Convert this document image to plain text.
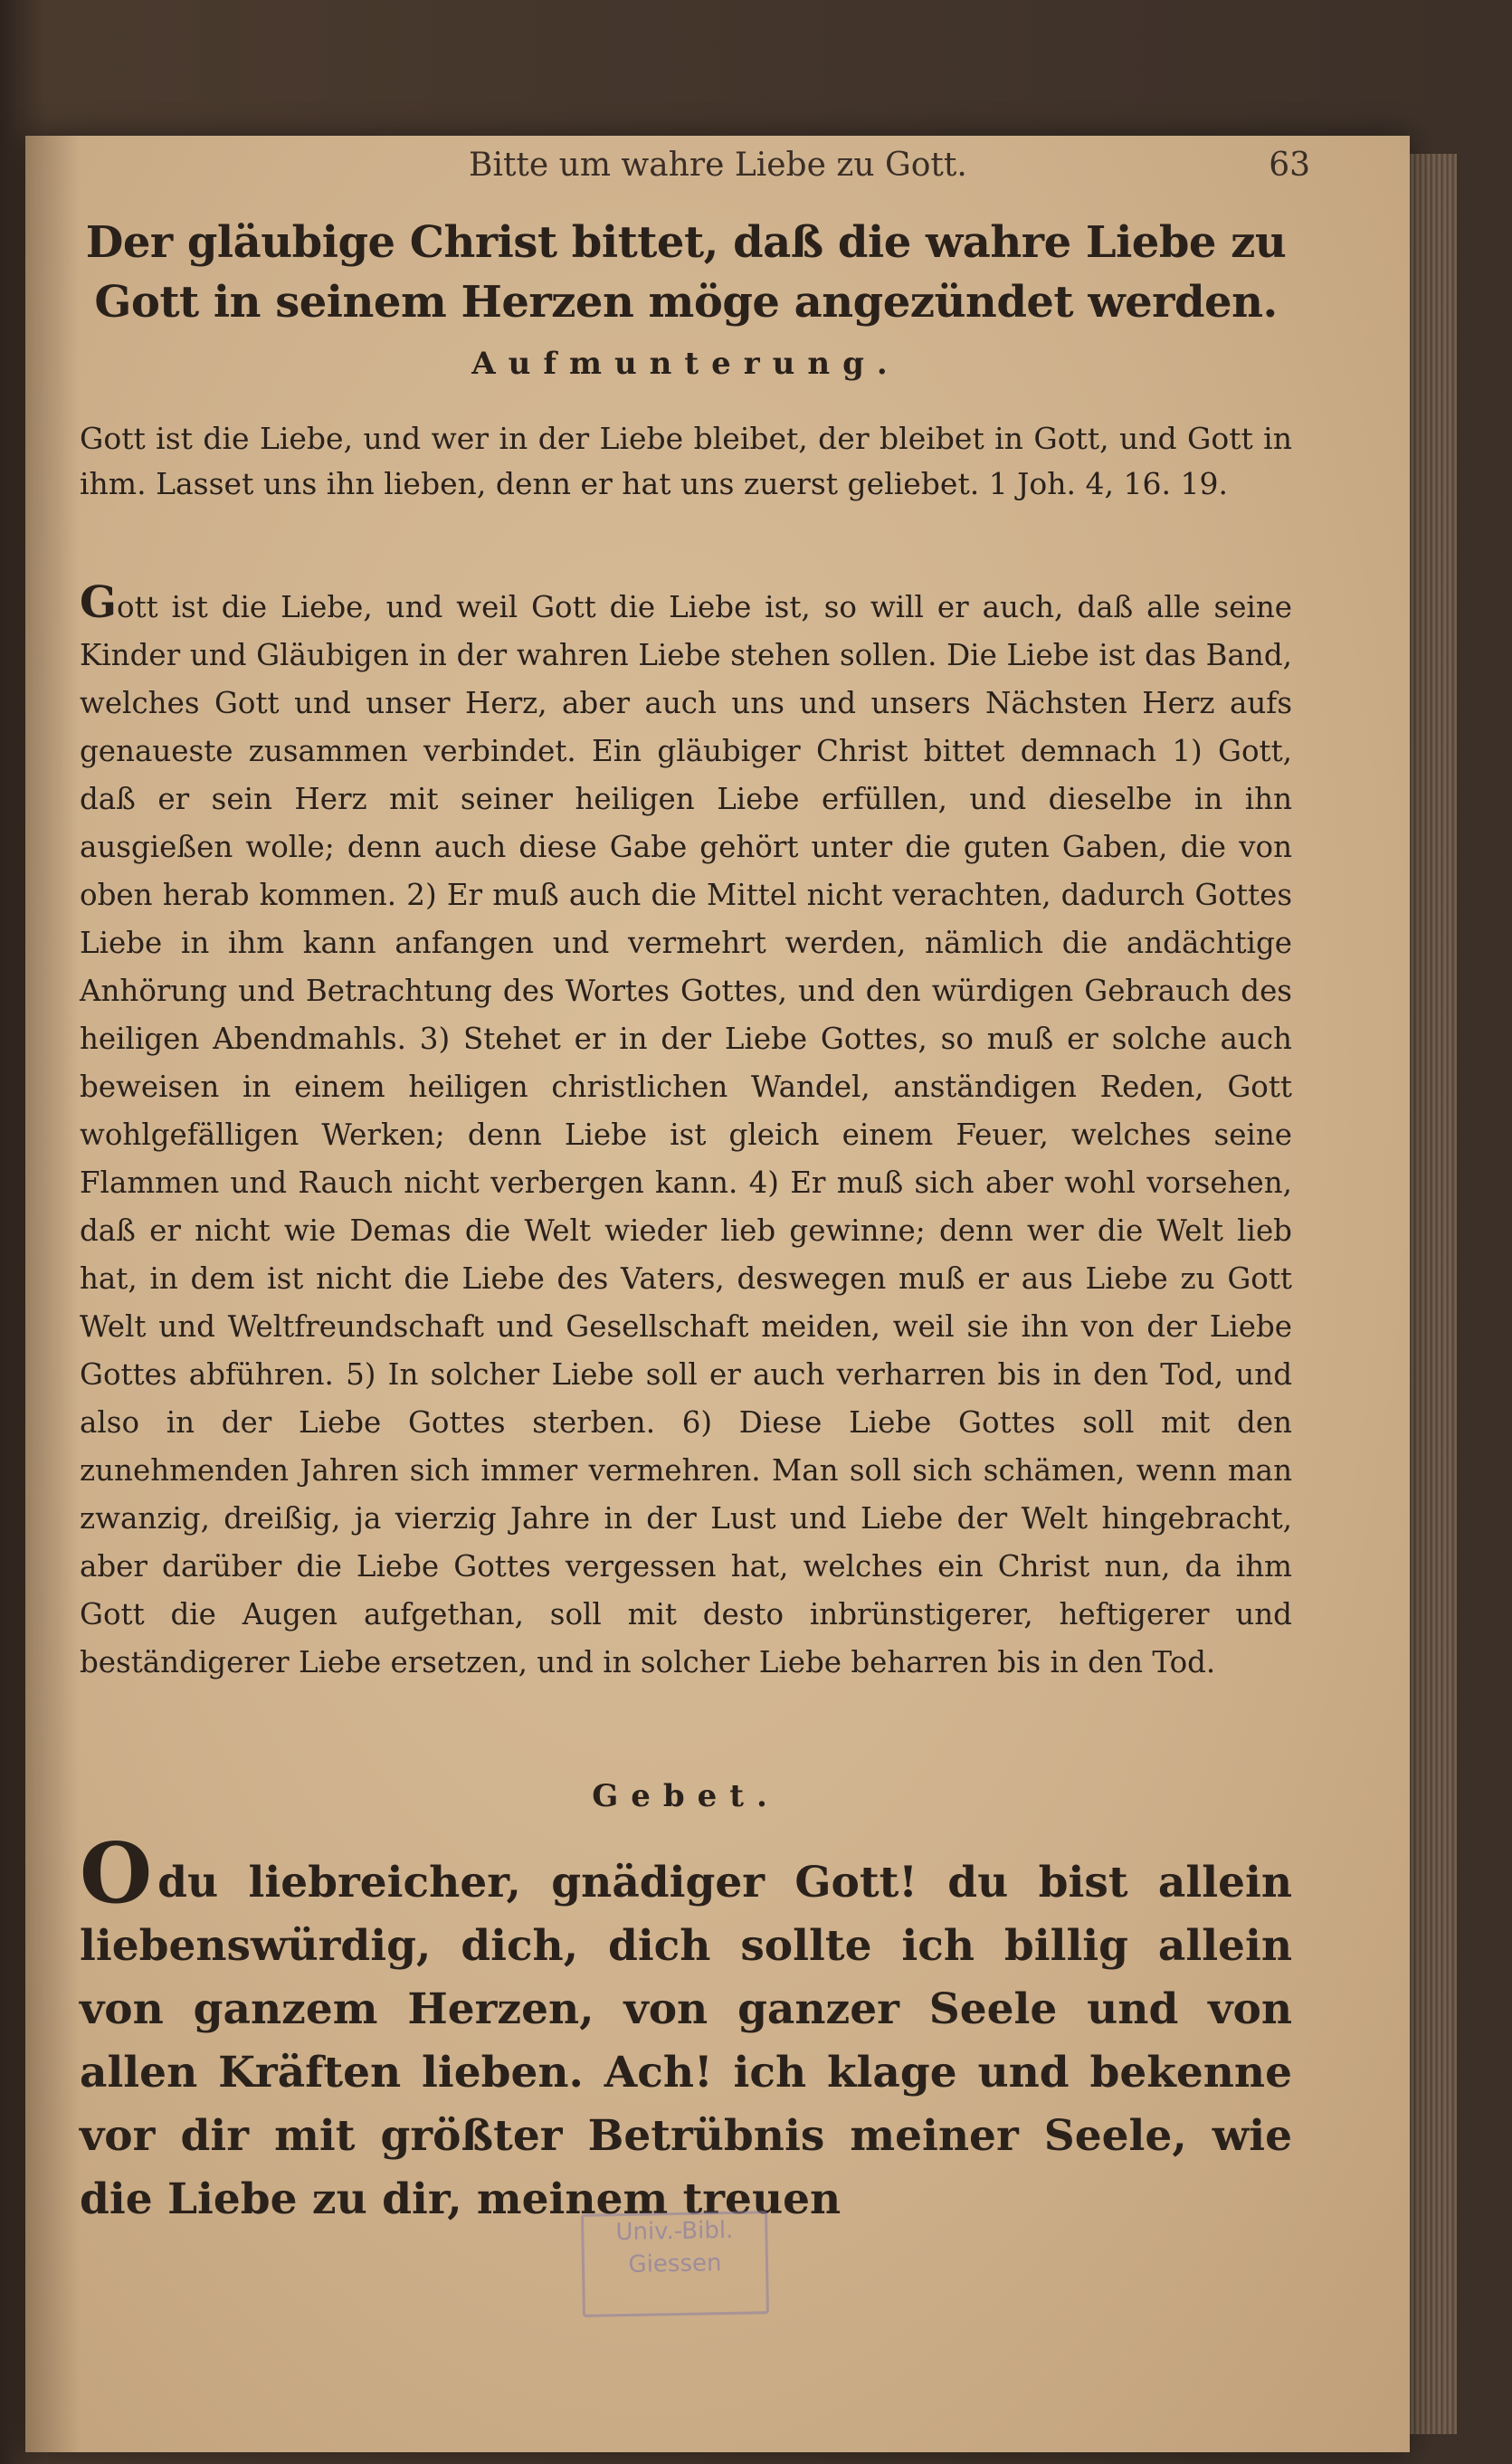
Bitte um wahre Liebe zu Gott.	63
Der gläubige Christ bittet, daß die wahre Liebe zu Gott in seinem Herzen möge angezündet werden.
Aufmunterung.
Gott ist die Liebe, und wer in der Liebe bleibet, der bleibet in Gott, und Gott in ihm. Lasset uns ihn lieben, denn er hat uns zuerst geliebet. 1 Joh. 4, 16. 19.
Gott ist die Liebe, und weil Gott die Liebe ist, so will er auch, daß alle seine Kinder und Gläubigen in der wahren Liebe stehen sollen. Die Liebe ist das Band, welches Gott und unser Herz, aber auch uns und unsers Nächsten Herz aufs genaueste zusammen verbindet. Ein gläubiger Christ bittet demnach 1) Gott, daß er sein Herz mit seiner heiligen Liebe erfüllen, und dieselbe in ihn ausgießen wolle; denn auch diese Gabe gehört unter die guten Gaben, die von oben herab kommen. 2) Er muß auch die Mittel nicht verachten, dadurch Gottes Liebe in ihm kann anfangen und vermehrt werden, nämlich die andächtige Anhörung und Betrachtung des Wortes Gottes, und den würdigen Gebrauch des heiligen Abendmahls. 3) Stehet er in der Liebe Gottes, so muß er solche auch beweisen in einem heiligen christlichen Wandel, anständigen Reden, Gott wohlgefälligen Werken; denn Liebe ist gleich einem Feuer, welches seine Flammen und Rauch nicht verbergen kann. 4) Er muß sich aber wohl vorsehen, daß er nicht wie Demas die Welt wieder lieb gewinne; denn wer die Welt lieb hat, in dem ist nicht die Liebe des Vaters, deswegen muß er aus Liebe zu Gott Welt und Weltfreundschaft und Gesellschaft meiden, weil sie ihn von der Liebe Gottes abführen. 5) In solcher Liebe soll er auch verharren bis in den Tod, und also in der Liebe Gottes sterben. 6) Diese Liebe Gottes soll mit den zunehmenden Jahren sich immer vermehren. Man soll sich schämen, wenn man zwanzig, dreißig, ja vierzig Jahre in der Lust und Liebe der Welt hingebracht, aber darüber die Liebe Gottes vergessen hat, welches ein Christ nun, da ihm Gott die Augen aufgethan, soll mit desto inbrünstigerer, heftigerer und beständigerer Liebe ersetzen, und in solcher Liebe beharren bis in den Tod.
Gebet.
Odu liebreicher, gnädiger Gott! du bist allein liebenswürdig, dich, dich sollte ich billig allein von ganzem Herzen, von ganzer Seele und von allen Kräften lieben. Ach! ich klage und bekenne vor dir mit größter Betrübnis meiner Seele, wie die Liebe zu dir, meinem treuen
Univ.-Bibl.
Giessen
